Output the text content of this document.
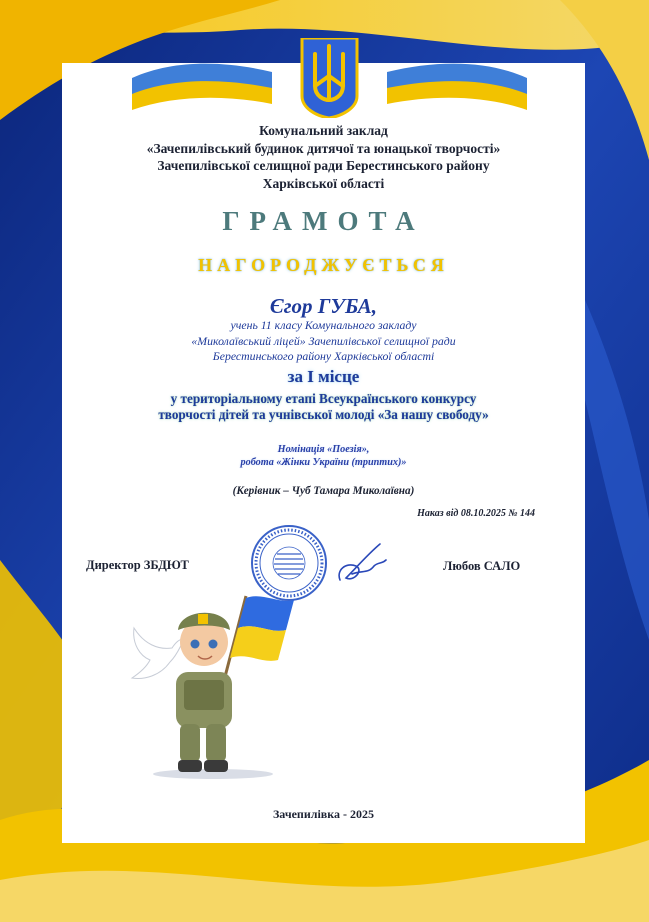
Комунальний заклад
«Зачепилівський будинок дитячої та юнацької творчості»
Зачепилівської селищної ради Берестинського району
Харківської області
ГРАМОТА
НАГОРОДЖУЄТЬСЯ
Єгор ГУБА,
учень 11 класу Комунального закладу
«Миколаївський ліцей» Зачепилівської селищної ради
Берестинського району Харківської області
за І місце
у територіальному етапі Всеукраїнського конкурсу
творчості дітей та учнівської молоді «За нашу свободу»
Номінація «Поезія»,
робота «Жінки України (триптих)»
(Керівник – Чуб Тамара Миколаївна)
Наказ від 08.10.2025 № 144
Директор ЗБДЮТ	Любов САЛО
Зачепилівка - 2025
